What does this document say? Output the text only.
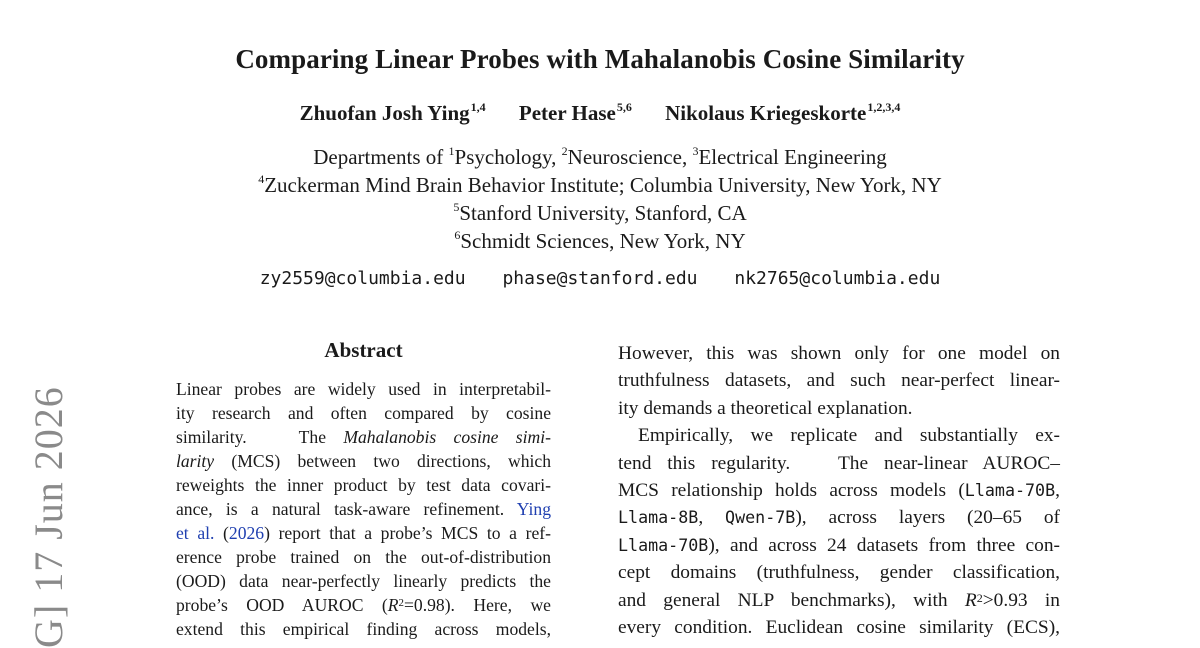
Comparing Linear Probes with Mahalanobis Cosine Similarity
Zhuofan Josh Ying$^{1,4}$ Peter Hase$^{5,6}$ Nikolaus Kriegeskorte$^{1,2,3,4}$
Departments of $^1$Psychology, $^2$Neuroscience, $^3$Electrical Engineering
$^4$Zuckerman Mind Brain Behavior Institute; Columbia University, New York, NY
$^5$Stanford University, Stanford, CA
$^6$Schmidt Sciences, New York, NY
zy2559@columbia.edu phase@stanford.edu nk2765@columbia.edu
G] 17 Jun 2026
Abstract
Linear probes are widely used in interpretabil-
ity research and often compared by cosine
similarity.	The Mahalanobis cosine simi-
larity (MCS) between two directions, which
reweights the inner product by test data covari-
ance, is a natural task-aware refinement. Ying
et al. (2026) report that a probe’s MCS to a ref-
erence probe trained on the out-of-distribution
(OOD) data near-perfectly linearly predicts the
probe’s OOD AUROC $(R^2=0.98)$. Here, we
extend this empirical finding across models,
However, this was shown only for one model on
truthfulness datasets, and such near-perfect linear-
ity demands a theoretical explanation.
Empirically, we replicate and substantially ex-
tend this regularity. The near-linear AUROC–
MCS relationship holds across models (Llama-70B,
Llama-8B, Qwen-7B), across layers (20–65 of
Llama-70B), and across 24 datasets from three con-
cept domains (truthfulness, gender classification,
and general NLP benchmarks), with $R^2>0.93$ in
every condition. Euclidean cosine similarity (ECS),
